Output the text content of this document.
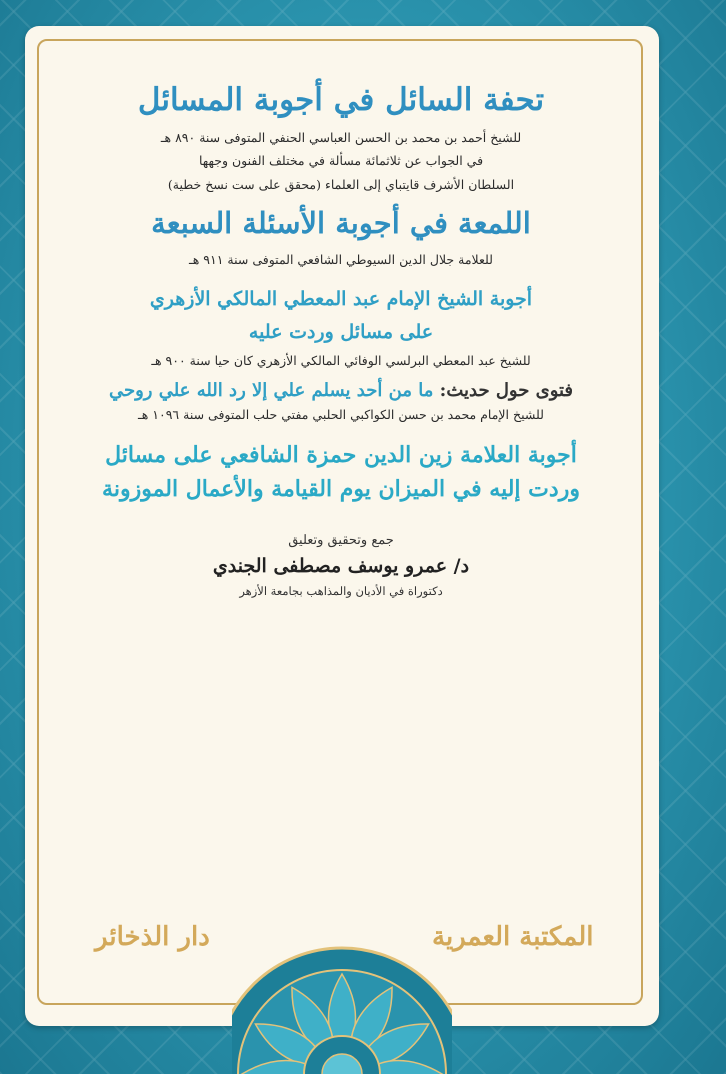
تحفة السائل في أجوبة المسائل
للشيخ أحمد بن محمد بن الحسن العباسي الحنفي المتوفى سنة ٨٩٠ هـ
في الجواب عن ثلاثمائة مسألة في مختلف الفنون وجهها
السلطان الأشرف قايتباي إلى العلماء (محقق على ست نسخ خطية)
اللمعة في أجوبة الأسئلة السبعة
للعلامة جلال الدين السيوطي الشافعي المتوفى سنة ٩١١ هـ
أجوبة الشيخ الإمام عبد المعطي المالكي الأزهري
على مسائل وردت عليه
للشيخ عبد المعطي البرلسي الوفائي المالكي الأزهري كان حيا سنة ٩٠٠ هـ
فتوى حول حديث: ما من أحد يسلم علي إلا رد الله علي روحي
للشيخ الإمام محمد بن حسن الكواكبي الحلبي مفتي حلب المتوفى سنة ١٠٩٦ هـ
أجوبة العلامة زين الدين حمزة الشافعي على مسائل
وردت إليه في الميزان يوم القيامة والأعمال الموزونة
جمع وتحقيق وتعليق
د/ عمرو يوسف مصطفى الجندي
دكتوراة في الأديان والمذاهب بجامعة الأزهر
المكتبة العمرية
دار الذخائر
